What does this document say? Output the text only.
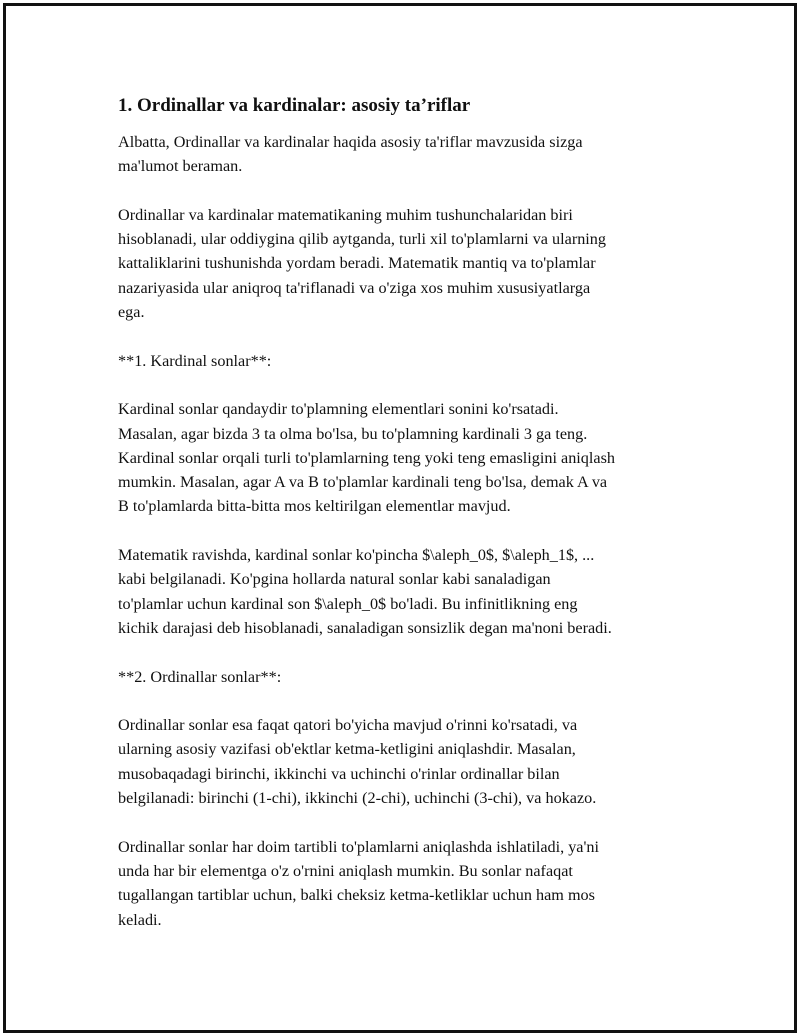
1. Ordinallar va kardinalar: asosiy ta’riflar

Albatta, Ordinallar va kardinalar haqida asosiy ta'riflar mavzusida sizga
ma'lumot beraman.

Ordinallar va kardinalar matematikaning muhim tushunchalaridan biri
hisoblanadi, ular oddiygina qilib aytganda, turli xil to'plamlarni va ularning
kattaliklarini tushunishda yordam beradi. Matematik mantiq va to'plamlar
nazariyasida ular aniqroq ta'riflanadi va o'ziga xos muhim xususiyatlarga
ega.

**1. Kardinal sonlar**:

Kardinal sonlar qandaydir to'plamning elementlari sonini ko'rsatadi.
Masalan, agar bizda 3 ta olma bo'lsa, bu to'plamning kardinali 3 ga teng.
Kardinal sonlar orqali turli to'plamlarning teng yoki teng emasligini aniqlash
mumkin. Masalan, agar A va B to'plamlar kardinali teng bo'lsa, demak A va
B to'plamlarda bitta-bitta mos keltirilgan elementlar mavjud.

Matematik ravishda, kardinal sonlar ko'pincha $\aleph_0$, $\aleph_1$, ...
kabi belgilanadi. Ko'pgina hollarda natural sonlar kabi sanaladigan
to'plamlar uchun kardinal son $\aleph_0$ bo'ladi. Bu infinitlikning eng
kichik darajasi deb hisoblanadi, sanaladigan sonsizlik degan ma'noni beradi.

**2. Ordinallar sonlar**:

Ordinallar sonlar esa faqat qatori bo'yicha mavjud o'rinni ko'rsatadi, va
ularning asosiy vazifasi ob'ektlar ketma-ketligini aniqlashdir. Masalan,
musobaqadagi birinchi, ikkinchi va uchinchi o'rinlar ordinallar bilan
belgilanadi: birinchi (1-chi), ikkinchi (2-chi), uchinchi (3-chi), va hokazo.

Ordinallar sonlar har doim tartibli to'plamlarni aniqlashda ishlatiladi, ya'ni
unda har bir elementga o'z o'rnini aniqlash mumkin. Bu sonlar nafaqat
tugallangan tartiblar uchun, balki cheksiz ketma-ketliklar uchun ham mos
keladi.
